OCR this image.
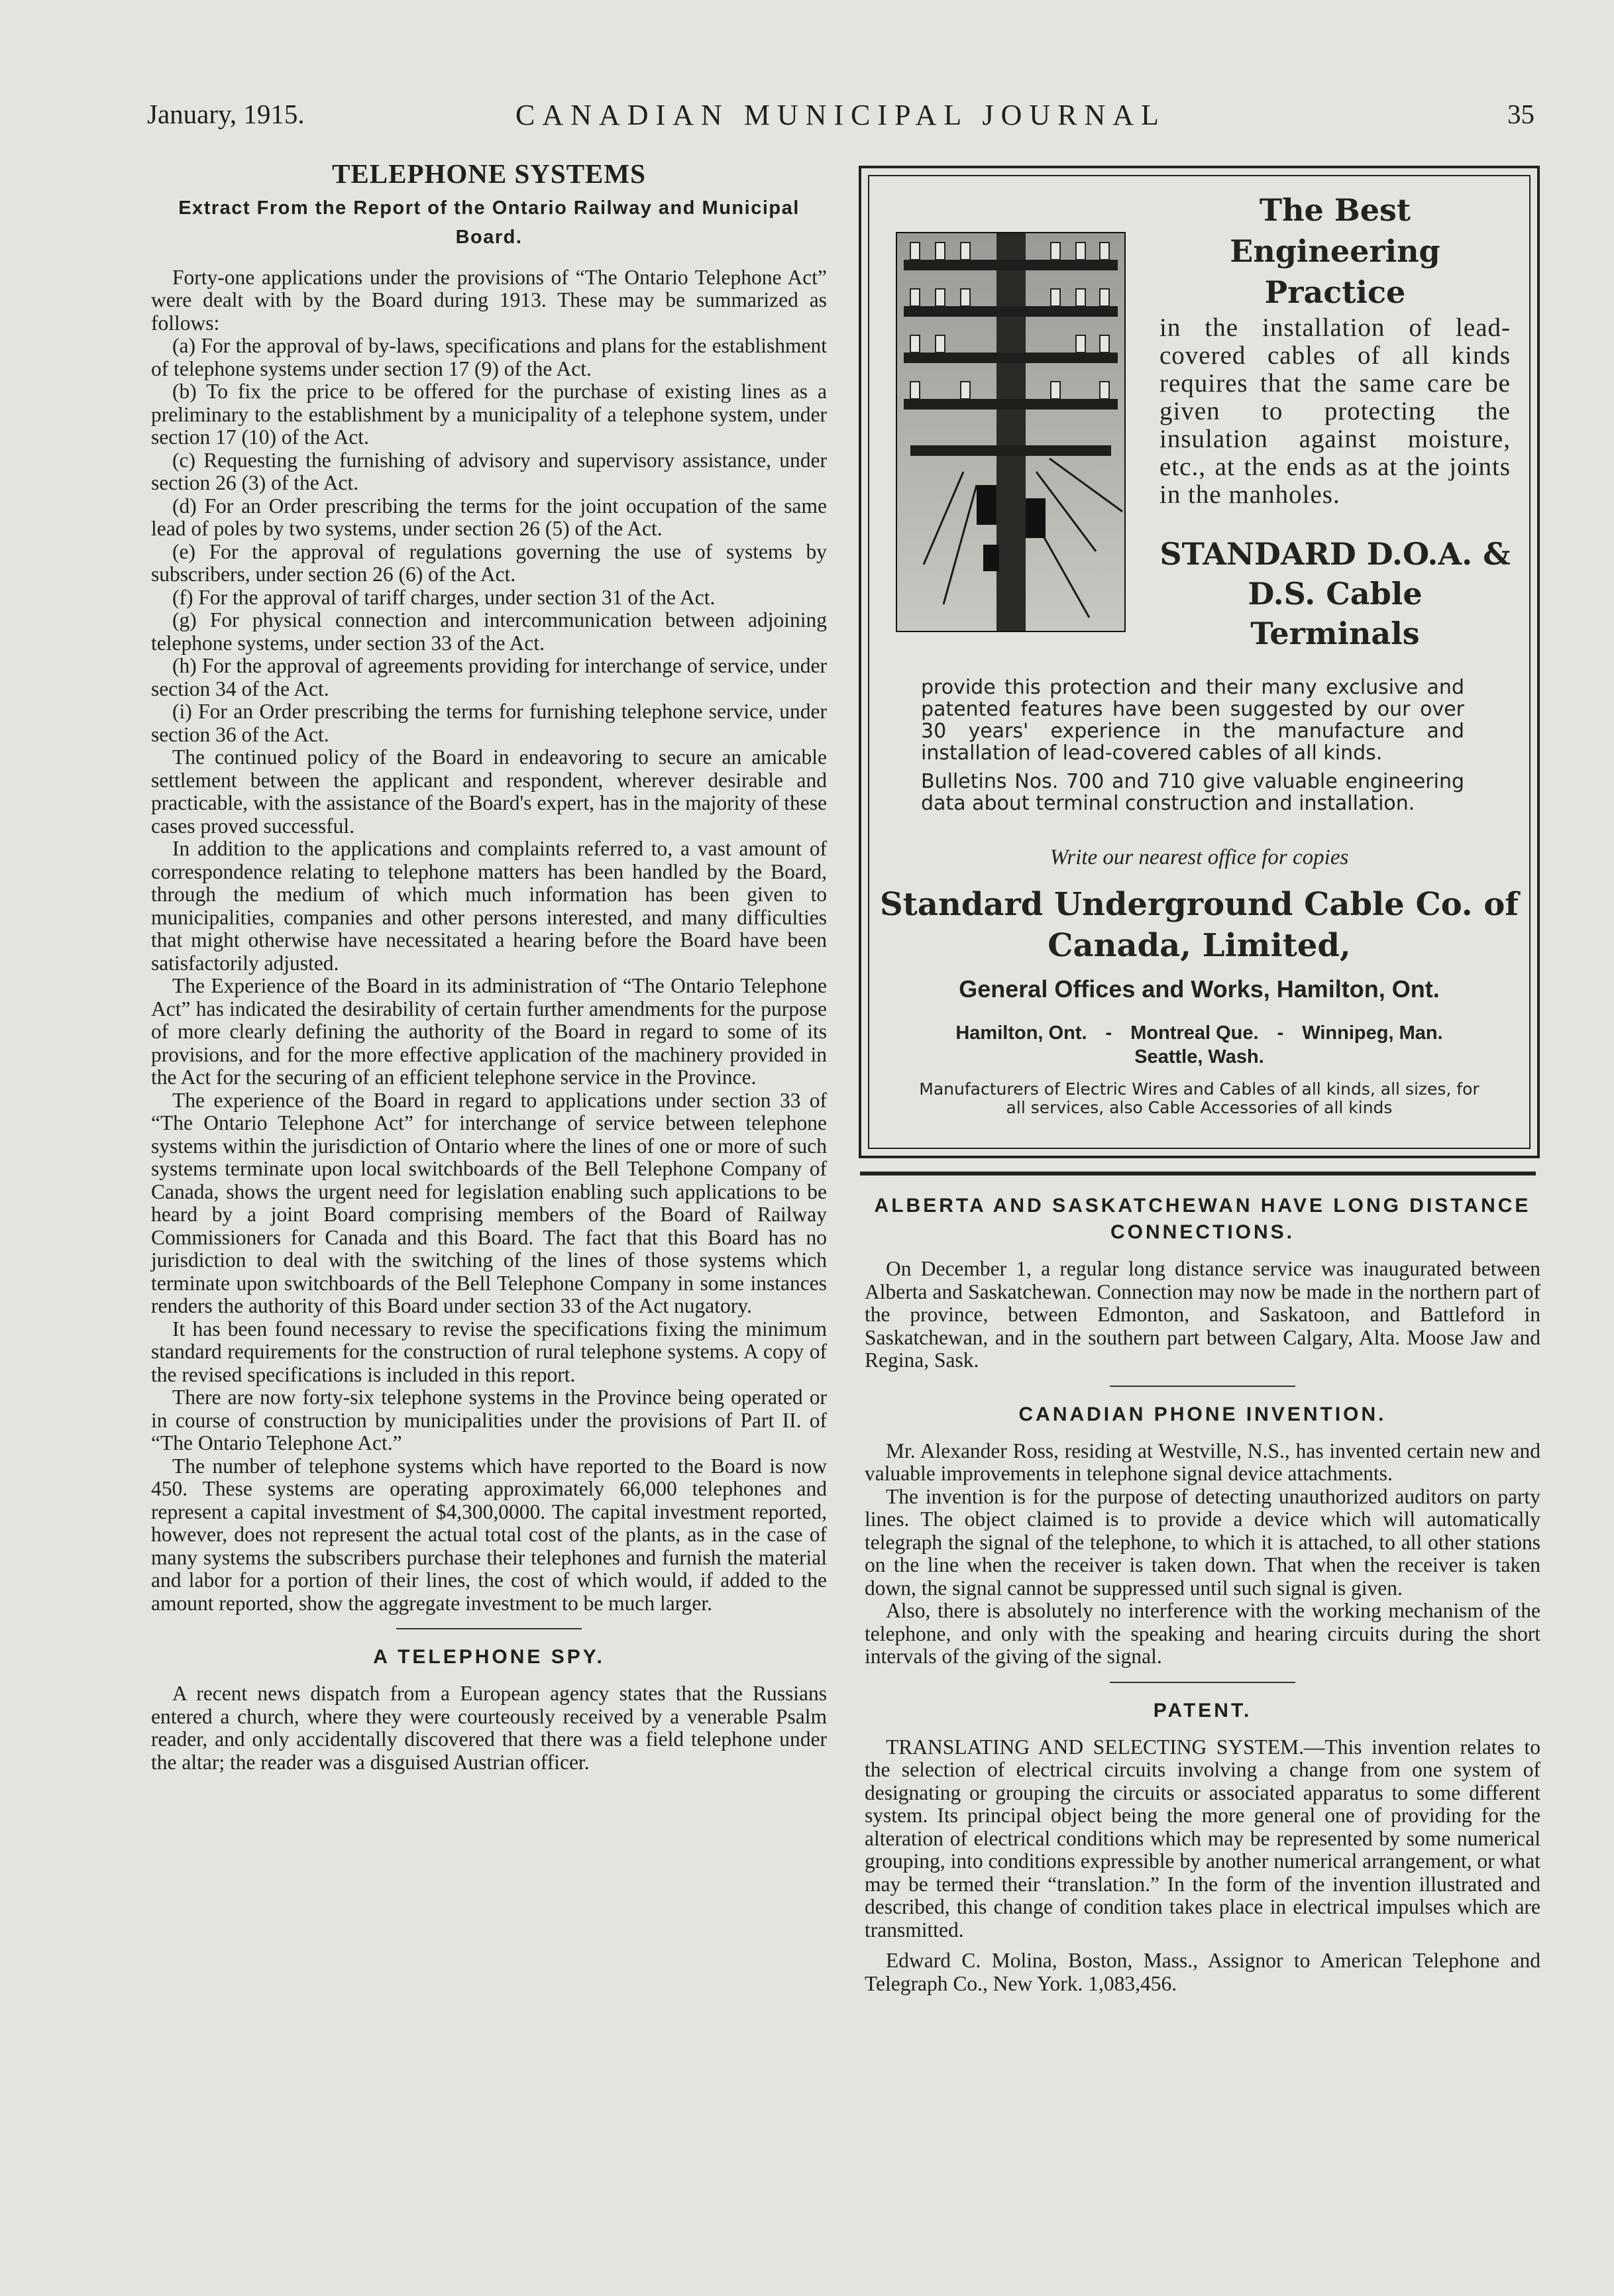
January, 1915.	CANADIAN MUNICIPAL JOURNAL	35
TELEPHONE SYSTEMS
Extract From the Report of the Ontario Railway and Municipal Board.

Forty-one applications under the provisions of “The Ontario Telephone Act” were dealt with by the Board during 1913. These may be summarized as follows:

(a) For the approval of by-laws, specifications and plans for the establishment of telephone systems under section 17 (9) of the Act.

(b) To fix the price to be offered for the purchase of existing lines as a preliminary to the establishment by a municipality of a telephone system, under section 17 (10) of the Act.

(c) Requesting the furnishing of advisory and supervisory assistance, under section 26 (3) of the Act.

(d) For an Order prescribing the terms for the joint occupation of the same lead of poles by two systems, under section 26 (5) of the Act.

(e) For the approval of regulations governing the use of systems by subscribers, under section 26 (6) of the Act.

(f) For the approval of tariff charges, under section 31 of the Act.

(g) For physical connection and intercommunication between adjoining telephone systems, under section 33 of the Act.

(h) For the approval of agreements providing for interchange of service, under section 34 of the Act.

(i) For an Order prescribing the terms for furnishing telephone service, under section 36 of the Act.

The continued policy of the Board in endeavoring to secure an amicable settlement between the applicant and respondent, wherever desirable and practicable, with the assistance of the Board's expert, has in the majority of these cases proved successful.

In addition to the applications and complaints referred to, a vast amount of correspondence relating to telephone matters has been handled by the Board, through the medium of which much information has been given to municipalities, companies and other persons interested, and many difficulties that might otherwise have necessitated a hearing before the Board have been satisfactorily adjusted.

The Experience of the Board in its administration of “The Ontario Telephone Act” has indicated the desirability of certain further amendments for the purpose of more clearly defining the authority of the Board in regard to some of its provisions, and for the more effective application of the machinery provided in the Act for the securing of an efficient telephone service in the Province.

The experience of the Board in regard to applications under section 33 of “The Ontario Telephone Act” for interchange of service between telephone systems within the jurisdiction of Ontario where the lines of one or more of such systems terminate upon local switchboards of the Bell Telephone Company of Canada, shows the urgent need for legislation enabling such applications to be heard by a joint Board comprising members of the Board of Railway Commissioners for Canada and this Board. The fact that this Board has no jurisdiction to deal with the switching of the lines of those systems which terminate upon switchboards of the Bell Telephone Company in some instances renders the authority of this Board under section 33 of the Act nugatory.

It has been found necessary to revise the specifications fixing the minimum standard requirements for the construction of rural telephone systems. A copy of the revised specifications is included in this report.

There are now forty-six telephone systems in the Province being operated or in course of construction by municipalities under the provisions of Part II. of “The Ontario Telephone Act.”

The number of telephone systems which have reported to the Board is now 450. These systems are operating approximately 66,000 telephones and represent a capital investment of $4,300,0000. The capital investment reported, however, does not represent the actual total cost of the plants, as in the case of many systems the subscribers purchase their telephones and furnish the material and labor for a portion of their lines, the cost of which would, if added to the amount reported, show the aggregate investment to be much larger.

A TELEPHONE SPY.

A recent news dispatch from a European agency states that the Russians entered a church, where they were courteously received by a venerable Psalm reader, and only accidentally discovered that there was a field telephone under the altar; the reader was a disguised Austrian officer.

The Best Engineering Practice
in the installation of lead-covered cables of all kinds requires that the same care be given to protecting the insulation against moisture, etc., at the ends as at the joints in the manholes.
STANDARD D.O.A. & D.S. Cable Terminals

provide this protection and their many exclusive and patented features have been suggested by our over 30 years' experience in the manufacture and installation of lead-covered cables of all kinds.

Bulletins Nos. 700 and 710 give valuable engineering data about terminal construction and installation.

Write our nearest office for copies
Standard Underground Cable Co. of Canada, Limited,
General Offices and Works, Hamilton, Ont.
Hamilton, Ont. - Montreal Que. - Winnipeg, Man.
Seattle, Wash.
Manufacturers of Electric Wires and Cables of all kinds, all sizes, for all services, also Cable Accessories of all kinds
ALBERTA AND SASKATCHEWAN HAVE LONG DISTANCE CONNECTIONS.

On December 1, a regular long distance service was inaugurated between Alberta and Saskatchewan. Connection may now be made in the northern part of the province, between Edmonton, and Saskatoon, and Battleford in Saskatchewan, and in the southern part between Calgary, Alta. Moose Jaw and Regina, Sask.

CANADIAN PHONE INVENTION.

Mr. Alexander Ross, residing at Westville, N.S., has invented certain new and valuable improvements in telephone signal device attachments.

The invention is for the purpose of detecting unauthorized auditors on party lines. The object claimed is to provide a device which will automatically telegraph the signal of the telephone, to which it is attached, to all other stations on the line when the receiver is taken down. That when the receiver is taken down, the signal cannot be suppressed until such signal is given.

Also, there is absolutely no interference with the working mechanism of the telephone, and only with the speaking and hearing circuits during the short intervals of the giving of the signal.

PATENT.

TRANSLATING AND SELECTING SYSTEM.—This invention relates to the selection of electrical circuits involving a change from one system of designating or grouping the circuits or associated apparatus to some different system. Its principal object being the more general one of providing for the alteration of electrical conditions which may be represented by some numerical grouping, into conditions expressible by another numerical arrangement, or what may be termed their “translation.” In the form of the invention illustrated and described, this change of condition takes place in electrical impulses which are transmitted.

Edward C. Molina, Boston, Mass., Assignor to American Telephone and Telegraph Co., New York. 1,083,456.
